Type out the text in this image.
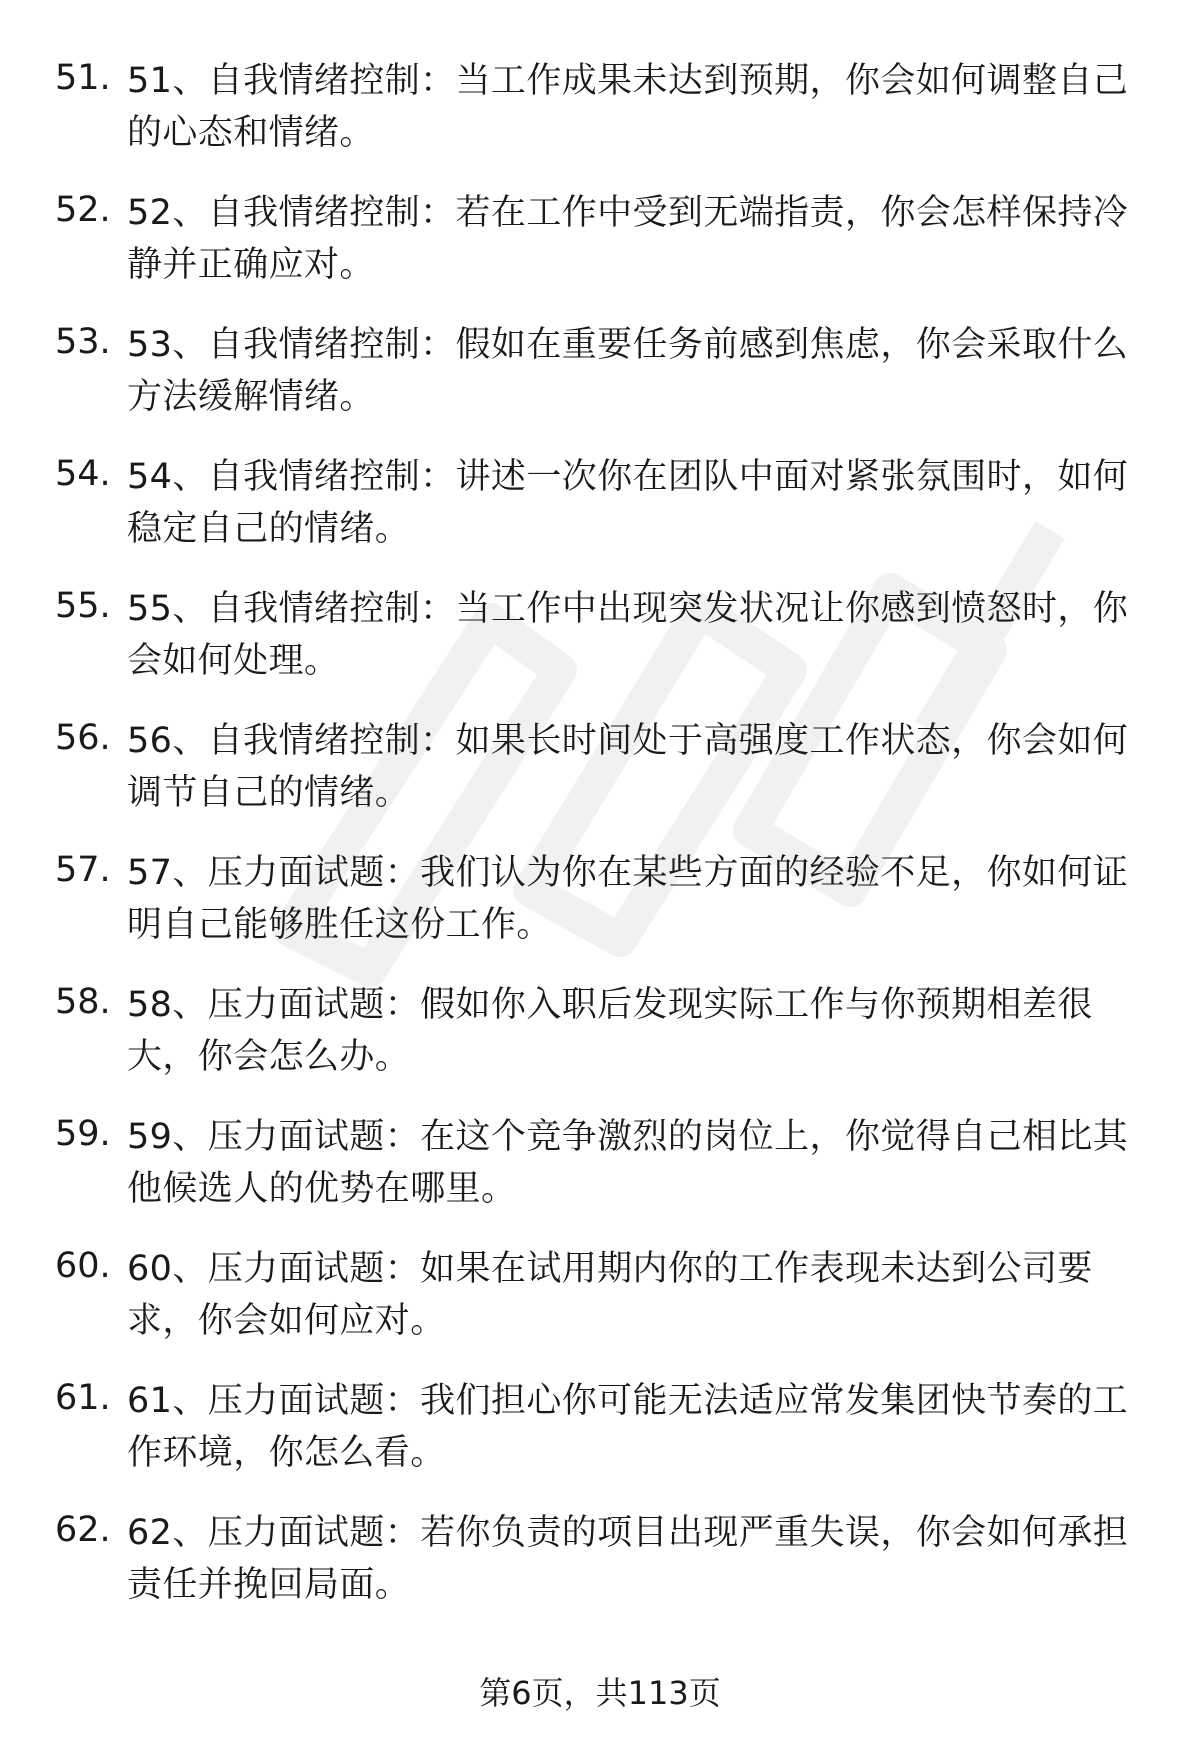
51. 51、自我情绪控制：当工作成果未达到预期，你会如何调整自己的心态和情绪。
52. 52、自我情绪控制：若在工作中受到无端指责，你会怎样保持冷静并正确应对。
53. 53、自我情绪控制：假如在重要任务前感到焦虑，你会采取什么方法缓解情绪。
54. 54、自我情绪控制：讲述一次你在团队中面对紧张氛围时，如何稳定自己的情绪。
55. 55、自我情绪控制：当工作中出现突发状况让你感到愤怒时，你会如何处理。
56. 56、自我情绪控制：如果长时间处于高强度工作状态，你会如何调节自己的情绪。
57. 57、压力面试题：我们认为你在某些方面的经验不足，你如何证明自己能够胜任这份工作。
58. 58、压力面试题：假如你入职后发现实际工作与你预期相差很大，你会怎么办。
59. 59、压力面试题：在这个竞争激烈的岗位上，你觉得自己相比其他候选人的优势在哪里。
60. 60、压力面试题：如果在试用期内你的工作表现未达到公司要求，你会如何应对。
61. 61、压力面试题：我们担心你可能无法适应常发集团快节奏的工作环境，你怎么看。
62. 62、压力面试题：若你负责的项目出现严重失误，你会如何承担责任并挽回局面。
第6页，共113页
